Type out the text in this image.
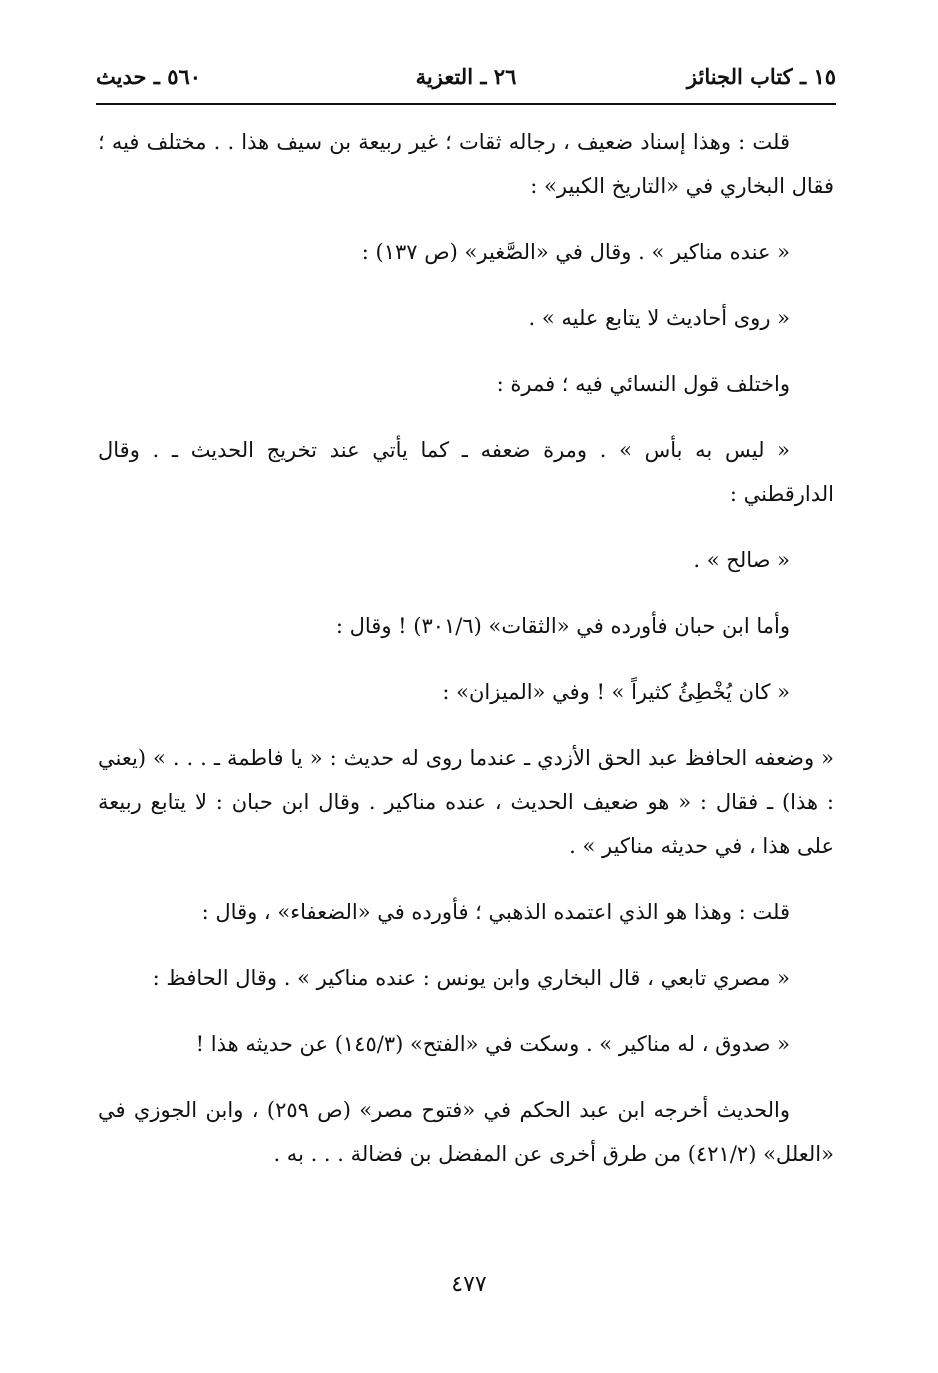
١٥ ـ كتاب الجنائز
٢٦ ـ التعزية
٥٦٠ ـ حديث

قلت : وهذا إسناد ضعيف ، رجاله ثقات ؛ غير ربيعة بن سيف هذا . . مختلف فيه ؛ فقال البخاري في «التاريخ الكبير» :

« عنده مناكير » . وقال في «الصَّغير» (ص ١٣٧) :

« روى أحاديث لا يتابع عليه » .

واختلف قول النسائي فيه ؛ فمرة :

« ليس به بأس » . ومرة ضعفه ـ كما يأتي عند تخريج الحديث ـ . وقال الدارقطني :

« صالح » .

وأما ابن حبان فأورده في «الثقات» (٣٠١/٦) ! وقال :

« كان يُخْطِئُ كثيراً » ! وفي «الميزان» :

« وضعفه الحافظ عبد الحق الأزدي ـ عندما روى له حديث : « يا فاطمة ـ . . . » (يعني : هذا) ـ فقال : « هو ضعيف الحديث ، عنده مناكير . وقال ابن حبان : لا يتابع ربيعة على هذا ، في حديثه مناكير » .

قلت : وهذا هو الذي اعتمده الذهبي ؛ فأورده في «الضعفاء» ، وقال :

« مصري تابعي ، قال البخاري وابن يونس : عنده مناكير » . وقال الحافظ :

« صدوق ، له مناكير » . وسكت في «الفتح» (١٤٥/٣) عن حديثه هذا !

والحديث أخرجه ابن عبد الحكم في «فتوح مصر» (ص ٢٥٩) ، وابن الجوزي في «العلل» (٤٢١/٢) من طرق أخرى عن المفضل بن فضالة . . . به .

٤٧٧
